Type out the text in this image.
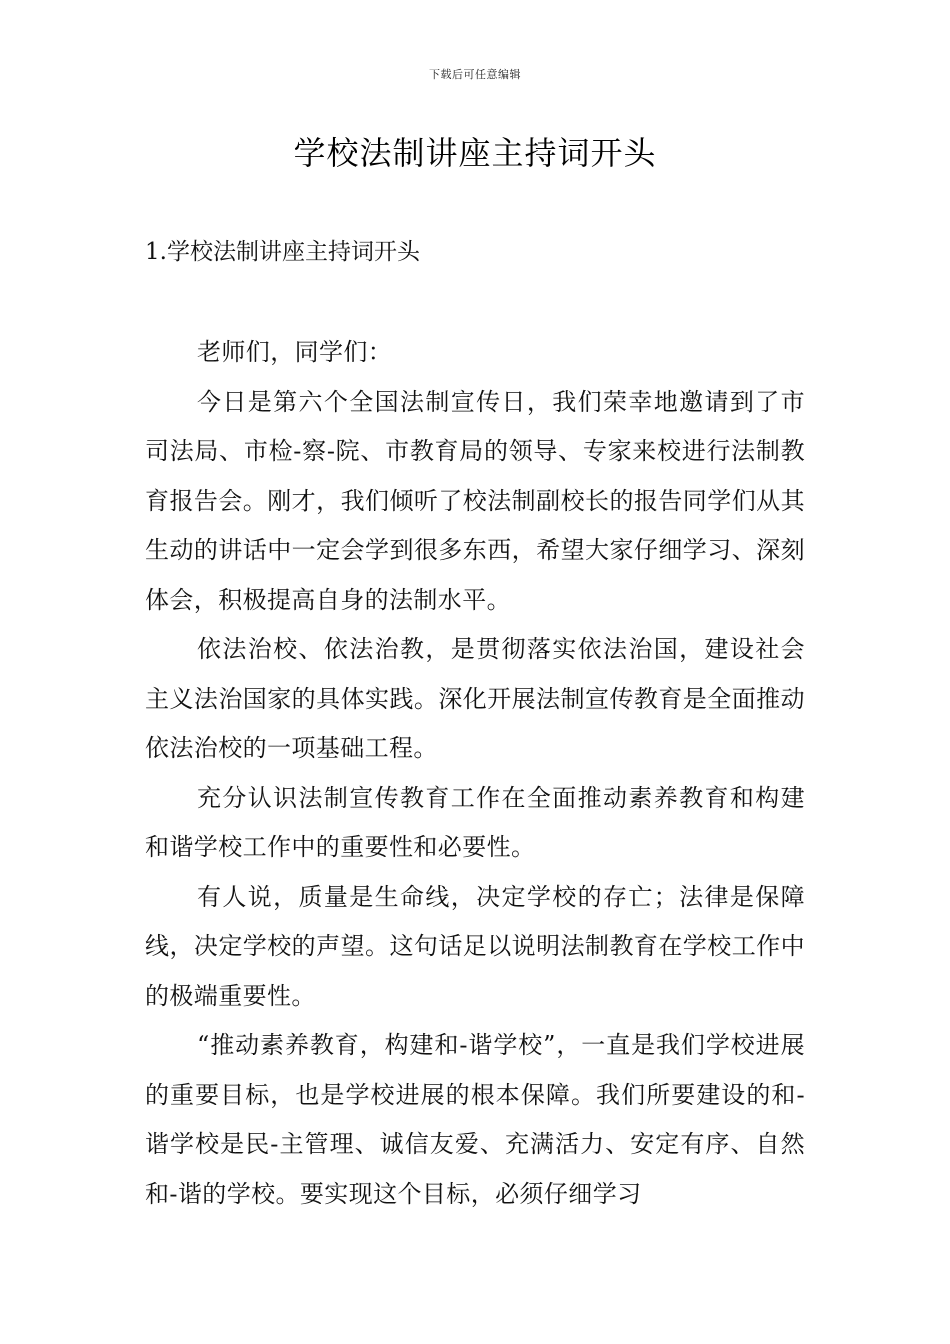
下载后可任意编辑
学校法制讲座主持词开头
1.学校法制讲座主持词开头

老师们，同学们：

今日是第六个全国法制宣传日，我们荣幸地邀请到了市司法局、市检-察-院、市教育局的领导、专家来校进行法制教育报告会。刚才，我们倾听了校法制副校长的报告同学们从其生动的讲话中一定会学到很多东西，希望大家仔细学习、深刻体会，积极提高自身的法制水平。

依法治校、依法治教，是贯彻落实依法治国，建设社会主义法治国家的具体实践。深化开展法制宣传教育是全面推动依法治校的一项基础工程。

充分认识法制宣传教育工作在全面推动素养教育和构建和谐学校工作中的重要性和必要性。

有人说，质量是生命线，决定学校的存亡；法律是保障线，决定学校的声望。这句话足以说明法制教育在学校工作中的极端重要性。

“推动素养教育，构建和-谐学校”，一直是我们学校进展的重要目标，也是学校进展的根本保障。我们所要建设的和-谐学校是民-主管理、诚信友爱、充满活力、安定有序、自然和-谐的学校。要实现这个目标，必须仔细学习
